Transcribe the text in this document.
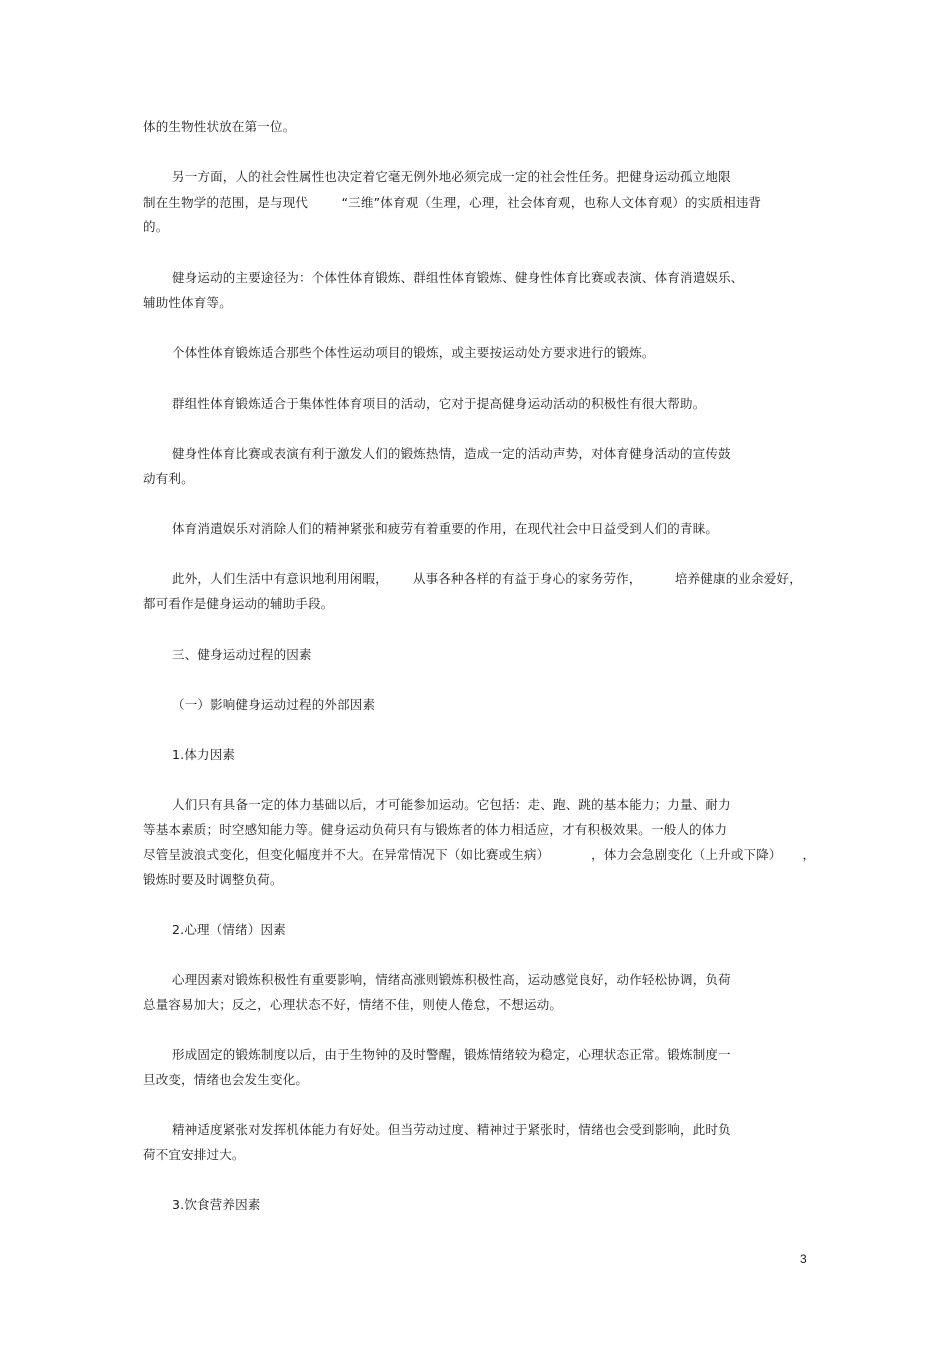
体的生物性状放在第一位。
另一方面，人的社会性属性也决定着它毫无例外地必须完成一定的社会性任务。把健身运动孤立地限
制在生物学的范围，是与现代        “三维”体育观（生理，心理，社会体育观，也称人文体育观）的实质相违背
的。
健身运动的主要途径为：个体性体育锻炼、群组性体育锻炼、健身性体育比赛或表演、体育消遣娱乐、
辅助性体育等。
个体性体育锻炼适合那些个体性运动项目的锻炼，或主要按运动处方要求进行的锻炼。
群组性体育锻炼适合于集体性体育项目的活动，它对于提高健身运动活动的积极性有很大帮助。
健身性体育比赛或表演有利于激发人们的锻炼热情，造成一定的活动声势，对体育健身活动的宣传鼓
动有利。
体育消遣娱乐对消除人们的精神紧张和疲劳有着重要的作用，在现代社会中日益受到人们的青睐。
此外，人们生活中有意识地利用闲暇，      从事各种各样的有益于身心的家务劳作，        培养健康的业余爱好，
都可看作是健身运动的辅助手段。
三、健身运动过程的因素
（一）影响健身运动过程的外部因素
1.体力因素
人们只有具备一定的体力基础以后，才可能参加运动。它包括：走、跑、跳的基本能力；力量、耐力
等基本素质；时空感知能力等。健身运动负荷只有与锻炼者的体力相适应，才有积极效果。一般人的体力
尽管呈波浪式变化，但变化幅度并不大。在异常情况下（如比赛或生病）          ，体力会急剧变化（上升或下降）     ，
锻炼时要及时调整负荷。
2.心理（情绪）因素
心理因素对锻炼积极性有重要影响，情绪高涨则锻炼积极性高，运动感觉良好，动作轻松协调，负荷
总量容易加大；反之，心理状态不好，情绪不佳，则使人倦怠，不想运动。
形成固定的锻炼制度以后，由于生物钟的及时警醒，锻炼情绪较为稳定，心理状态正常。锻炼制度一
旦改变，情绪也会发生变化。
精神适度紧张对发挥机体能力有好处。但当劳动过度、精神过于紧张时，情绪也会受到影响，此时负
荷不宜安排过大。
3.饮食营养因素
3
